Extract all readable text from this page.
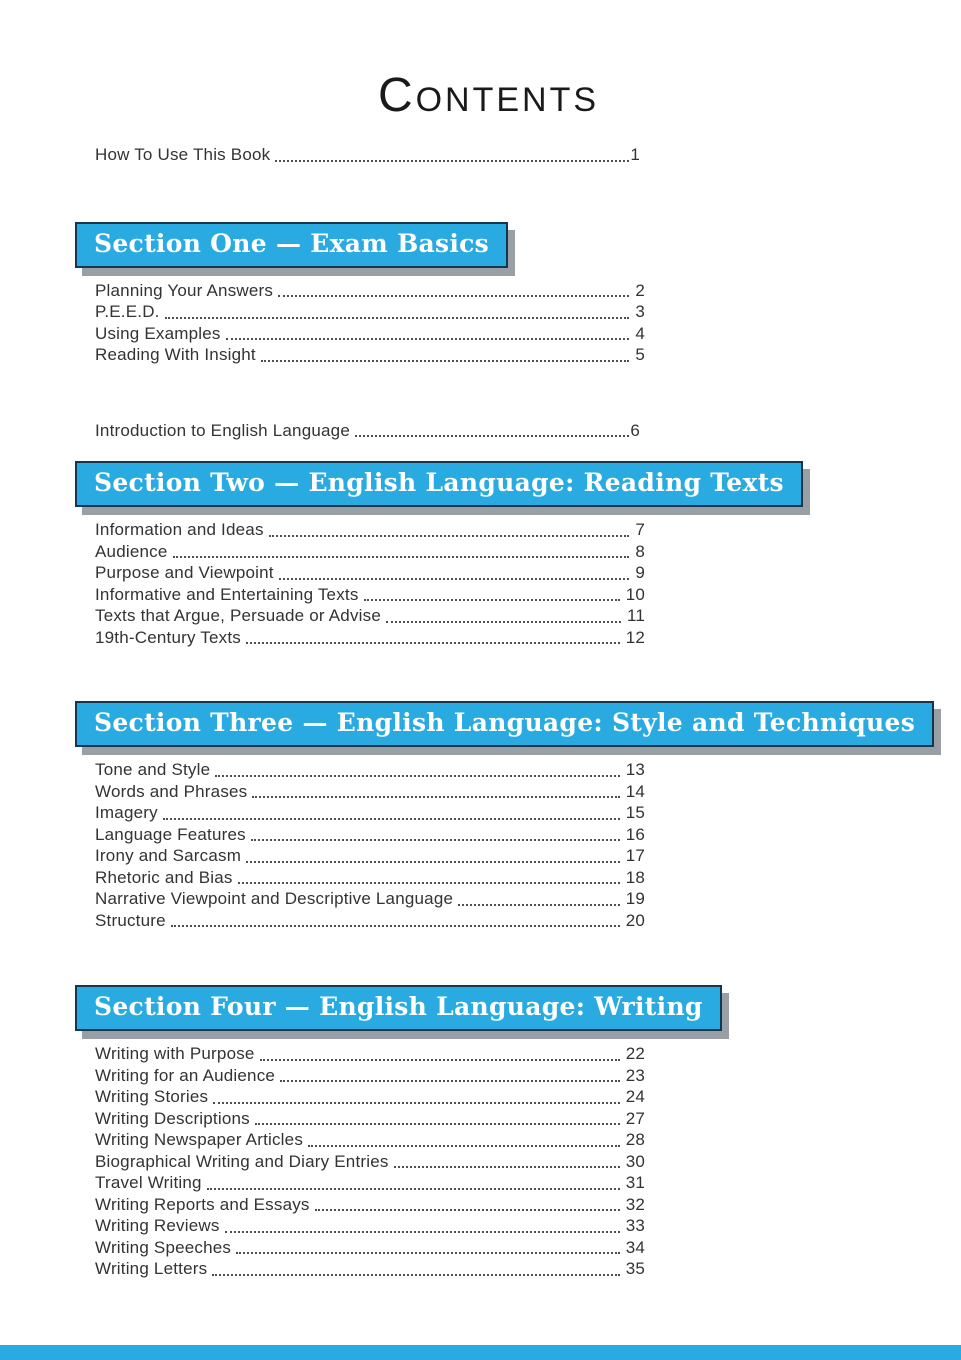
CONTENTS
How To Use This Book	1
Section One — Exam Basics
Planning Your Answers	2
P.E.E.D.	3
Using Examples	4
Reading With Insight	5
Introduction to English Language	6
Section Two — English Language: Reading Texts
Information and Ideas	7
Audience	8
Purpose and Viewpoint	9
Informative and Entertaining Texts	10
Texts that Argue, Persuade or Advise	11
19th-Century Texts	12
Section Three — English Language: Style and Techniques
Tone and Style	13
Words and Phrases	14
Imagery	15
Language Features	16
Irony and Sarcasm	17
Rhetoric and Bias	18
Narrative Viewpoint and Descriptive Language	19
Structure	20
Section Four — English Language: Writing
Writing with Purpose	22
Writing for an Audience	23
Writing Stories	24
Writing Descriptions	27
Writing Newspaper Articles	28
Biographical Writing and Diary Entries	30
Travel Writing	31
Writing Reports and Essays	32
Writing Reviews	33
Writing Speeches	34
Writing Letters	35
